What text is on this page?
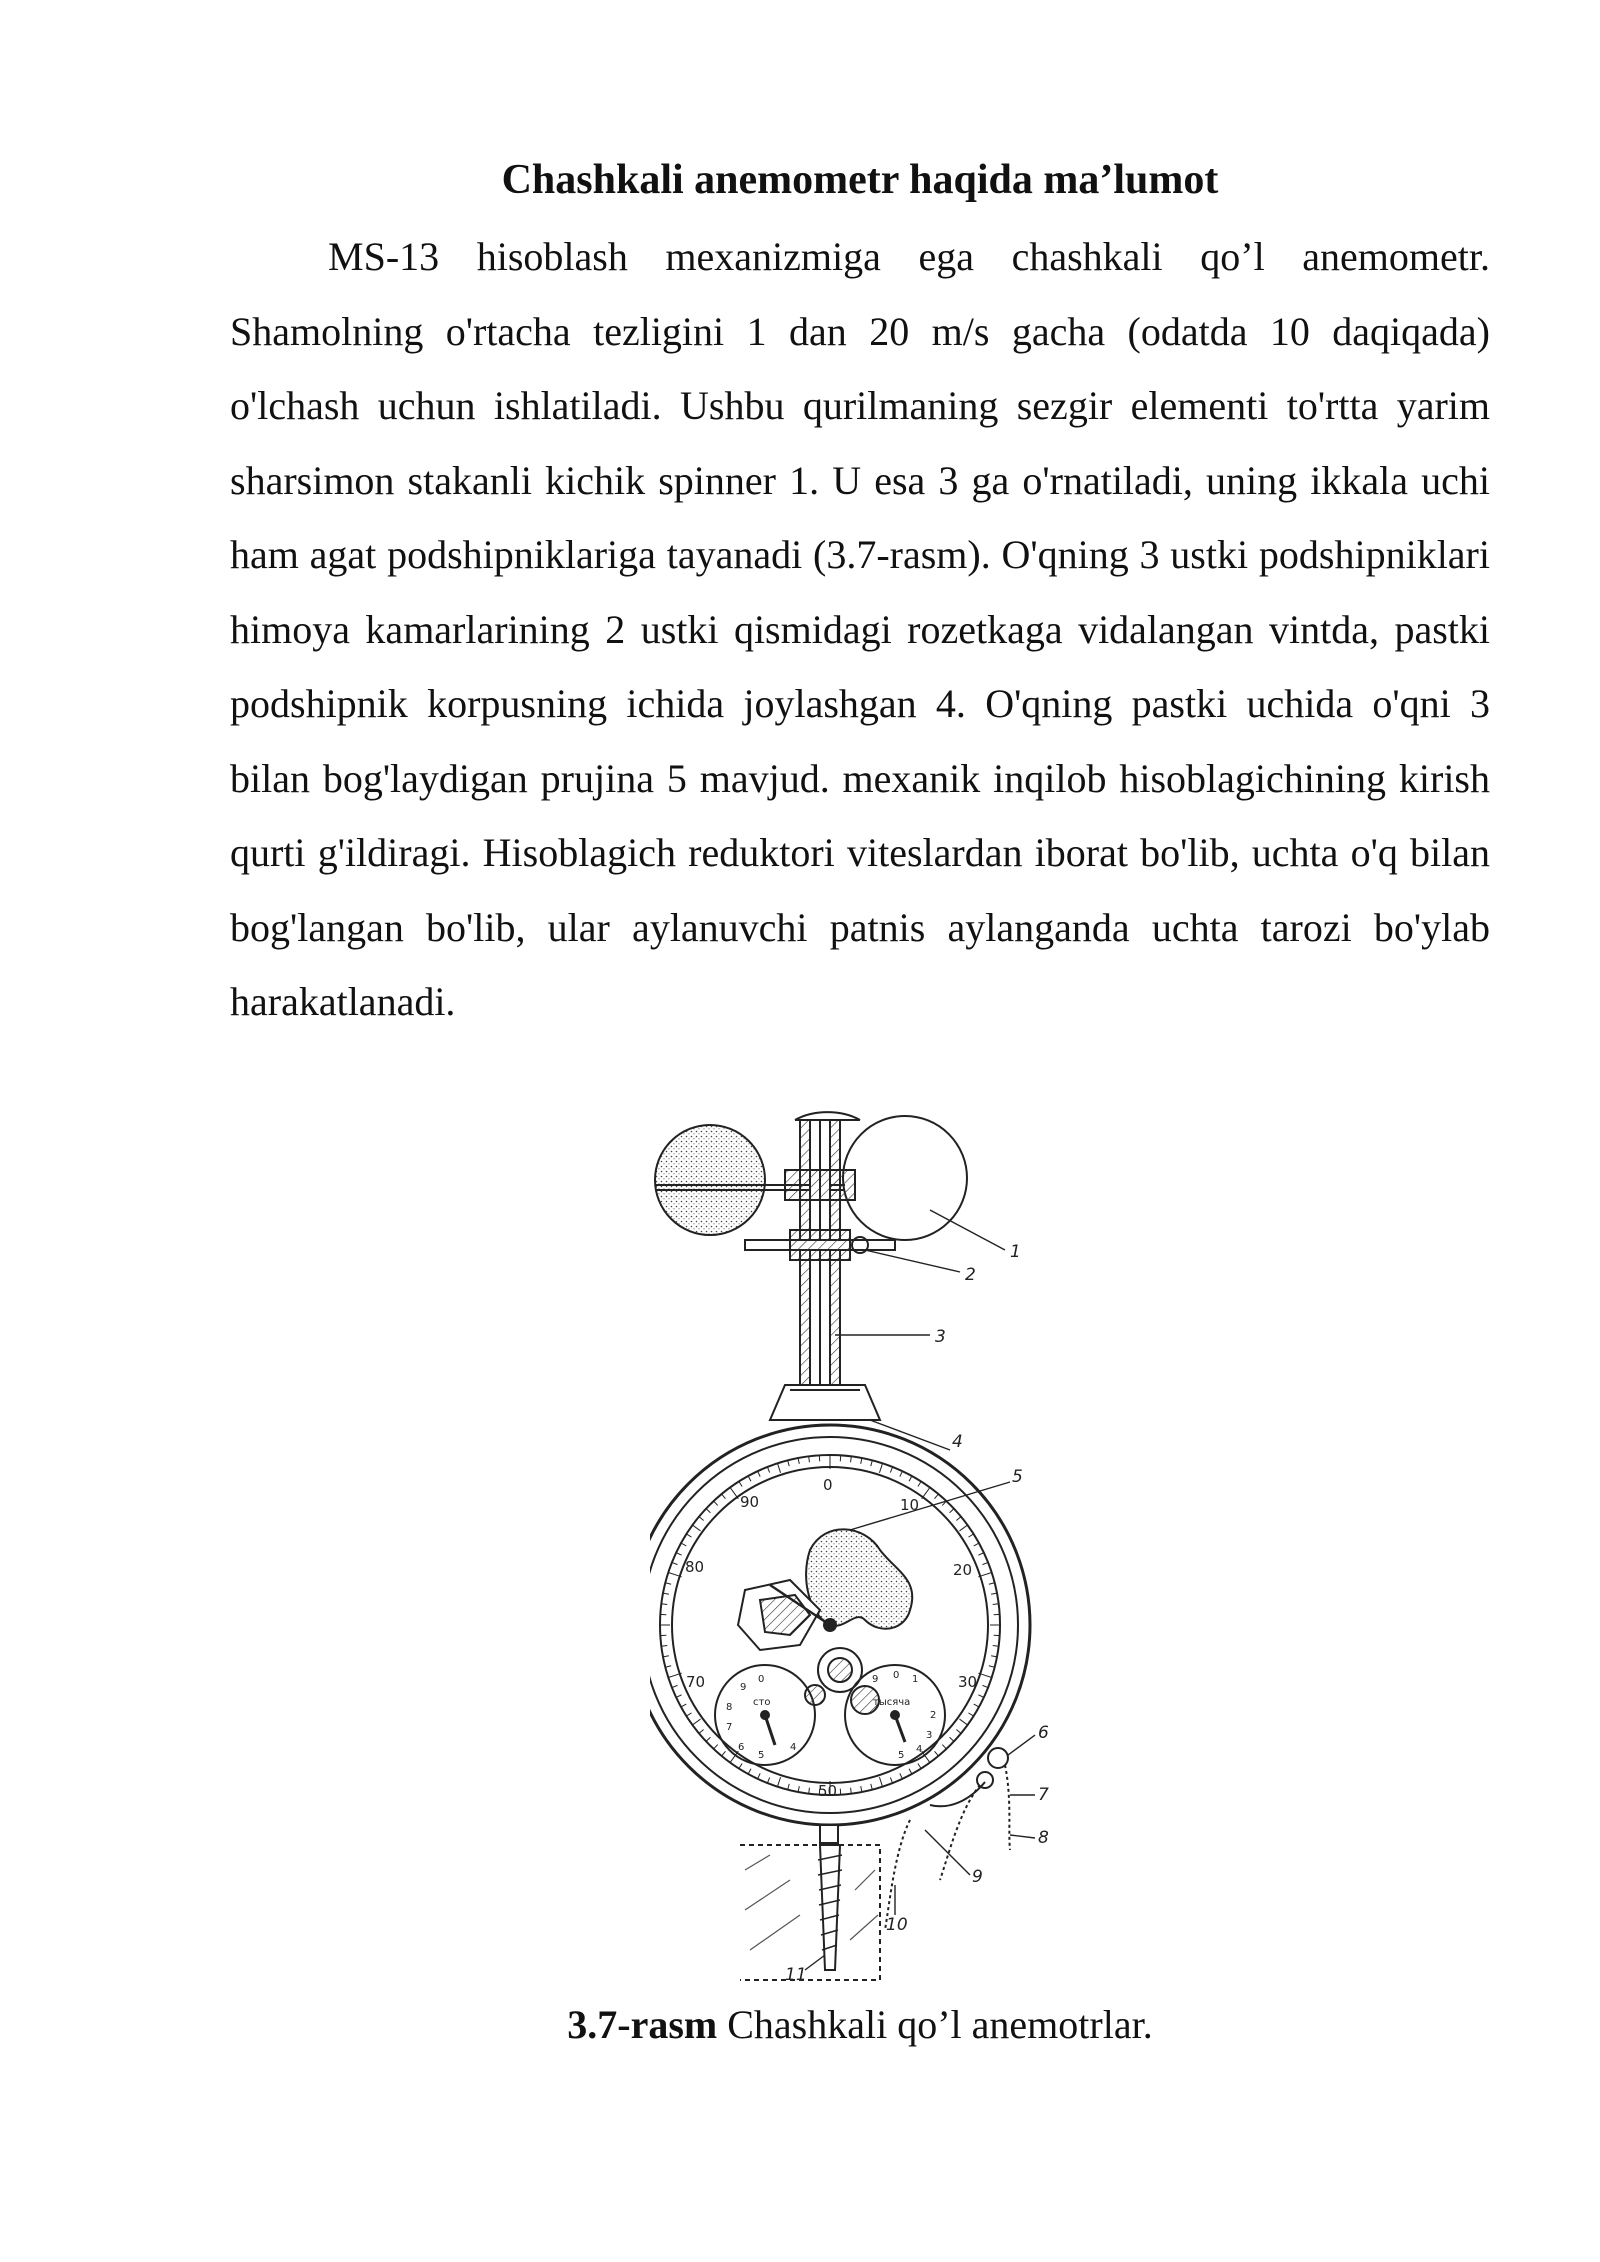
Chashkali anemometr haqida ma’lumot

MS-13 hisoblash mexanizmiga ega chashkali qo’l anemometr. Shamolning o'rtacha tezligini 1 dan 20 m/s gacha (odatda 10 daqiqada) o'lchash uchun ishlatiladi. Ushbu qurilmaning sezgir elementi to'rtta yarim sharsimon stakanli kichik spinner 1. U esa 3 ga o'rnatiladi, uning ikkala uchi ham agat podshipniklariga tayanadi (3.7-rasm). O'qning 3 ustki podshipniklari himoya kamarlarining 2 ustki qismidagi rozetkaga vidalangan vintda, pastki podshipnik korpusning ichida joylashgan 4. O'qning pastki uchida o'qni 3 bilan bog'laydigan prujina 5 mavjud. mexanik inqilob hisoblagichining kirish qurti g'ildiragi. Hisoblagich reduktori viteslardan iborat bo'lib, uchta o'q bilan bog'langan bo'lib, ular aylanuvchi patnis aylanganda uchta tarozi bo'ylab harakatlanadi.

0
10
20
30
50
70
80
90
сто	тысяча
0
9
8
7
6
5
4
9 0 1
2
3
5
4
1
2
3
4
5
6
7
8
9
10
11
3.7-rasm Chashkali qo’l anemotrlar.
